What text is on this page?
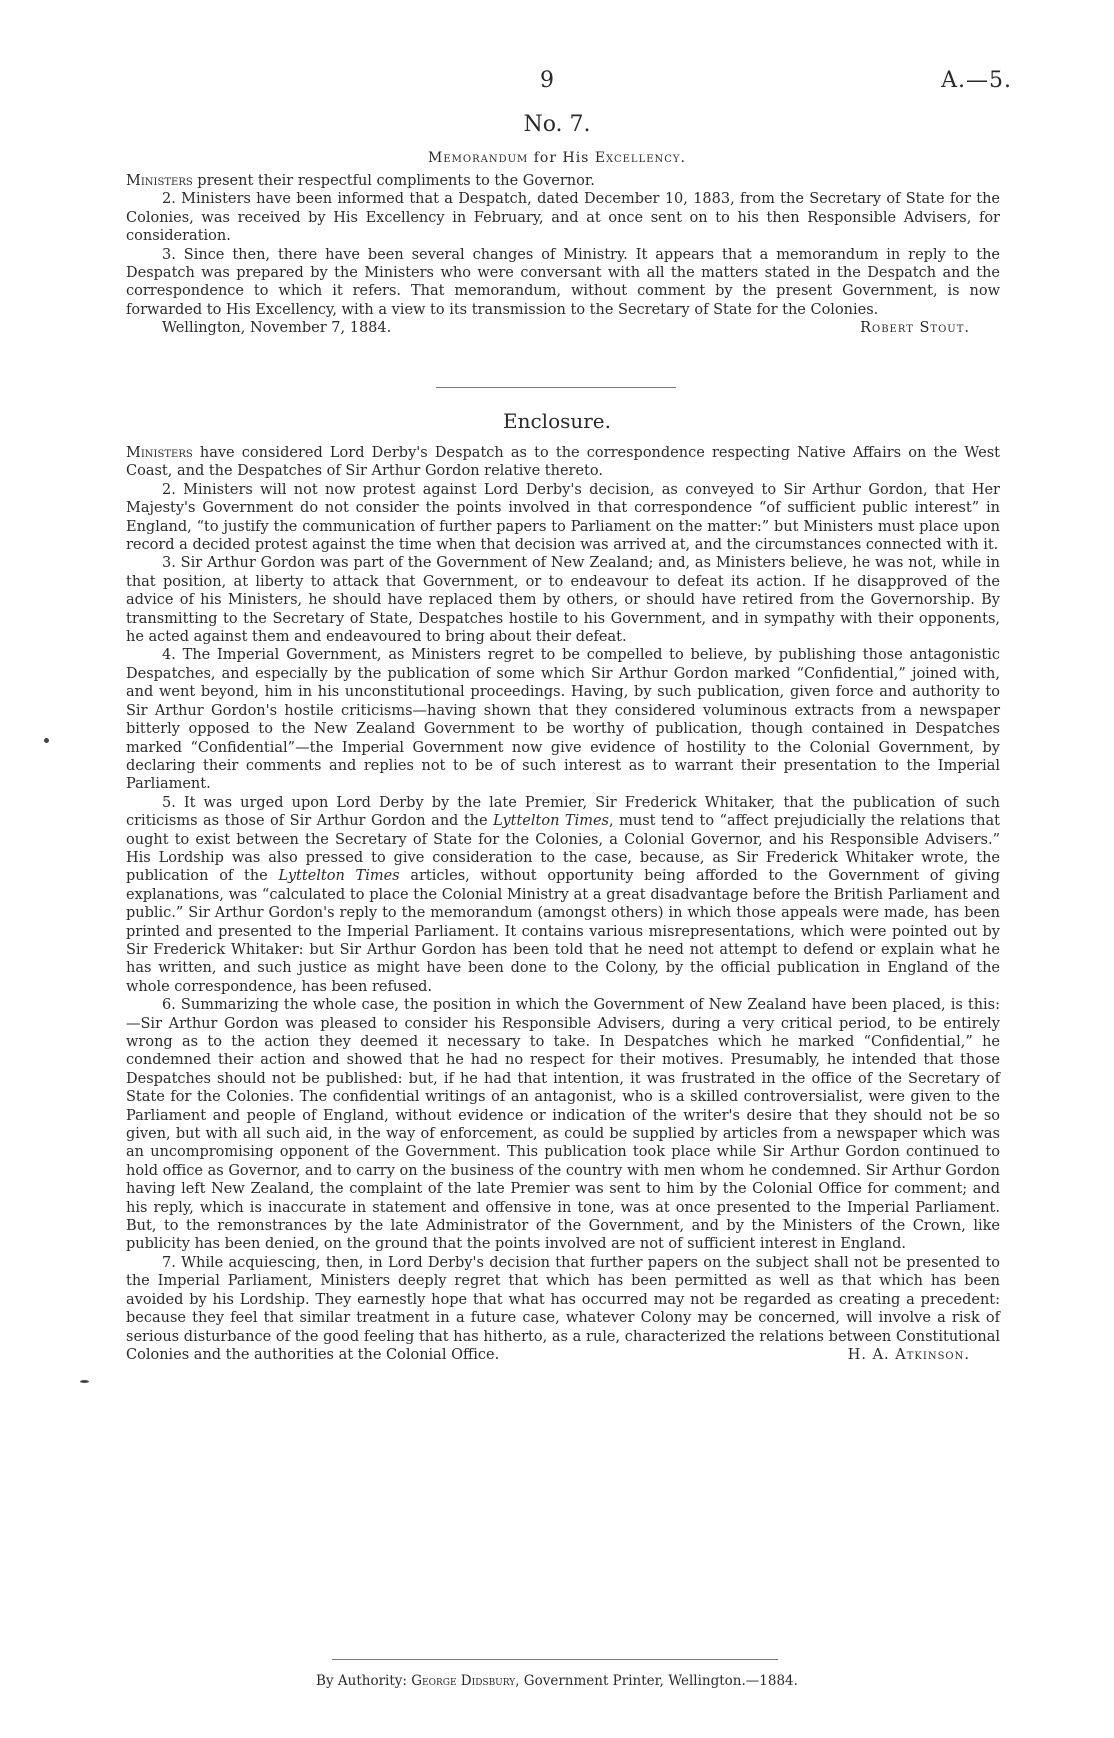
9	A.—5.
No. 7.
Memorandum for His Excellency.

Ministers present their respectful compliments to the Governor.

2. Ministers have been informed that a Despatch, dated December 10, 1883, from the Secretary of State for the Colonies, was received by His Excellency in February, and at once sent on to his then Responsible Advisers, for consideration.

3. Since then, there have been several changes of Ministry. It appears that a memorandum in reply to the Despatch was prepared by the Ministers who were conversant with all the matters stated in the Despatch and the correspondence to which it refers. That memorandum, without comment by the present Government, is now forwarded to His Excellency, with a view to its transmission to the Secretary of State for the Colonies.
Robert Stout.

Wellington, November 7, 1884.

Enclosure.

Ministers have considered Lord Derby's Despatch as to the correspondence respecting Native Affairs on the West Coast, and the Despatches of Sir Arthur Gordon relative thereto.

2. Ministers will not now protest against Lord Derby's decision, as conveyed to Sir Arthur Gordon, that Her Majesty's Government do not consider the points involved in that correspondence “of sufficient public interest” in England, “to justify the communication of further papers to Parliament on the matter:” but Ministers must place upon record a decided protest against the time when that decision was arrived at, and the circumstances connected with it.

3. Sir Arthur Gordon was part of the Government of New Zealand; and, as Ministers believe, he was not, while in that position, at liberty to attack that Government, or to endeavour to defeat its action. If he disapproved of the advice of his Ministers, he should have replaced them by others, or should have retired from the Governorship. By transmitting to the Secretary of State, Despatches hostile to his Government, and in sympathy with their opponents, he acted against them and endeavoured to bring about their defeat.

4. The Imperial Government, as Ministers regret to be compelled to believe, by publishing those antagonistic Despatches, and especially by the publication of some which Sir Arthur Gordon marked “Confidential,” joined with, and went beyond, him in his unconstitutional proceedings. Having, by such publication, given force and authority to Sir Arthur Gordon's hostile criticisms—having shown that they considered voluminous extracts from a newspaper bitterly opposed to the New Zealand Government to be worthy of publication, though contained in Despatches marked “Confidential”—the Imperial Government now give evidence of hostility to the Colonial Government, by declaring their comments and replies not to be of such interest as to warrant their presentation to the Imperial Parliament.

5. It was urged upon Lord Derby by the late Premier, Sir Frederick Whitaker, that the publication of such criticisms as those of Sir Arthur Gordon and the Lyttelton Times, must tend to “affect prejudicially the relations that ought to exist between the Secretary of State for the Colonies, a Colonial Governor, and his Responsible Advisers.” His Lordship was also pressed to give consideration to the case, because, as Sir Frederick Whitaker wrote, the publication of the Lyttelton Times articles, without opportunity being afforded to the Government of giving explanations, was “calculated to place the Colonial Ministry at a great disadvantage before the British Parliament and public.” Sir Arthur Gordon's reply to the memorandum (amongst others) in which those appeals were made, has been printed and presented to the Imperial Parliament. It contains various misrepresentations, which were pointed out by Sir Frederick Whitaker: but Sir Arthur Gordon has been told that he need not attempt to defend or explain what he has written, and such justice as might have been done to the Colony, by the official publication in England of the whole correspondence, has been refused.

6. Summarizing the whole case, the position in which the Government of New Zealand have been placed, is this:—Sir Arthur Gordon was pleased to consider his Responsible Advisers, during a very critical period, to be entirely wrong as to the action they deemed it necessary to take. In Despatches which he marked “Confidential,” he condemned their action and showed that he had no respect for their motives. Presumably, he intended that those Despatches should not be published: but, if he had that intention, it was frustrated in the office of the Secretary of State for the Colonies. The confidential writings of an antagonist, who is a skilled controversialist, were given to the Parliament and people of England, without evidence or indication of the writer's desire that they should not be so given, but with all such aid, in the way of enforcement, as could be supplied by articles from a newspaper which was an uncompromising opponent of the Government. This publication took place while Sir Arthur Gordon continued to hold office as Governor, and to carry on the business of the country with men whom he condemned. Sir Arthur Gordon having left New Zealand, the complaint of the late Premier was sent to him by the Colonial Office for comment; and his reply, which is inaccurate in statement and offensive in tone, was at once presented to the Imperial Parliament. But, to the remonstrances by the late Administrator of the Government, and by the Ministers of the Crown, like publicity has been denied, on the ground that the points involved are not of sufficient interest in England.

7. While acquiescing, then, in Lord Derby's decision that further papers on the subject shall not be presented to the Imperial Parliament, Ministers deeply regret that which has been permitted as well as that which has been avoided by his Lordship. They earnestly hope that what has occurred may not be regarded as creating a precedent: because they feel that similar treatment in a future case, whatever Colony may be concerned, will involve a risk of serious disturbance of the good feeling that has hitherto, as a rule, characterized the relations between Constitutional Colonies and the authorities at the Colonial Office.	H. A. Atkinson.

By Authority: George Didsbury, Government Printer, Wellington.—1884.
